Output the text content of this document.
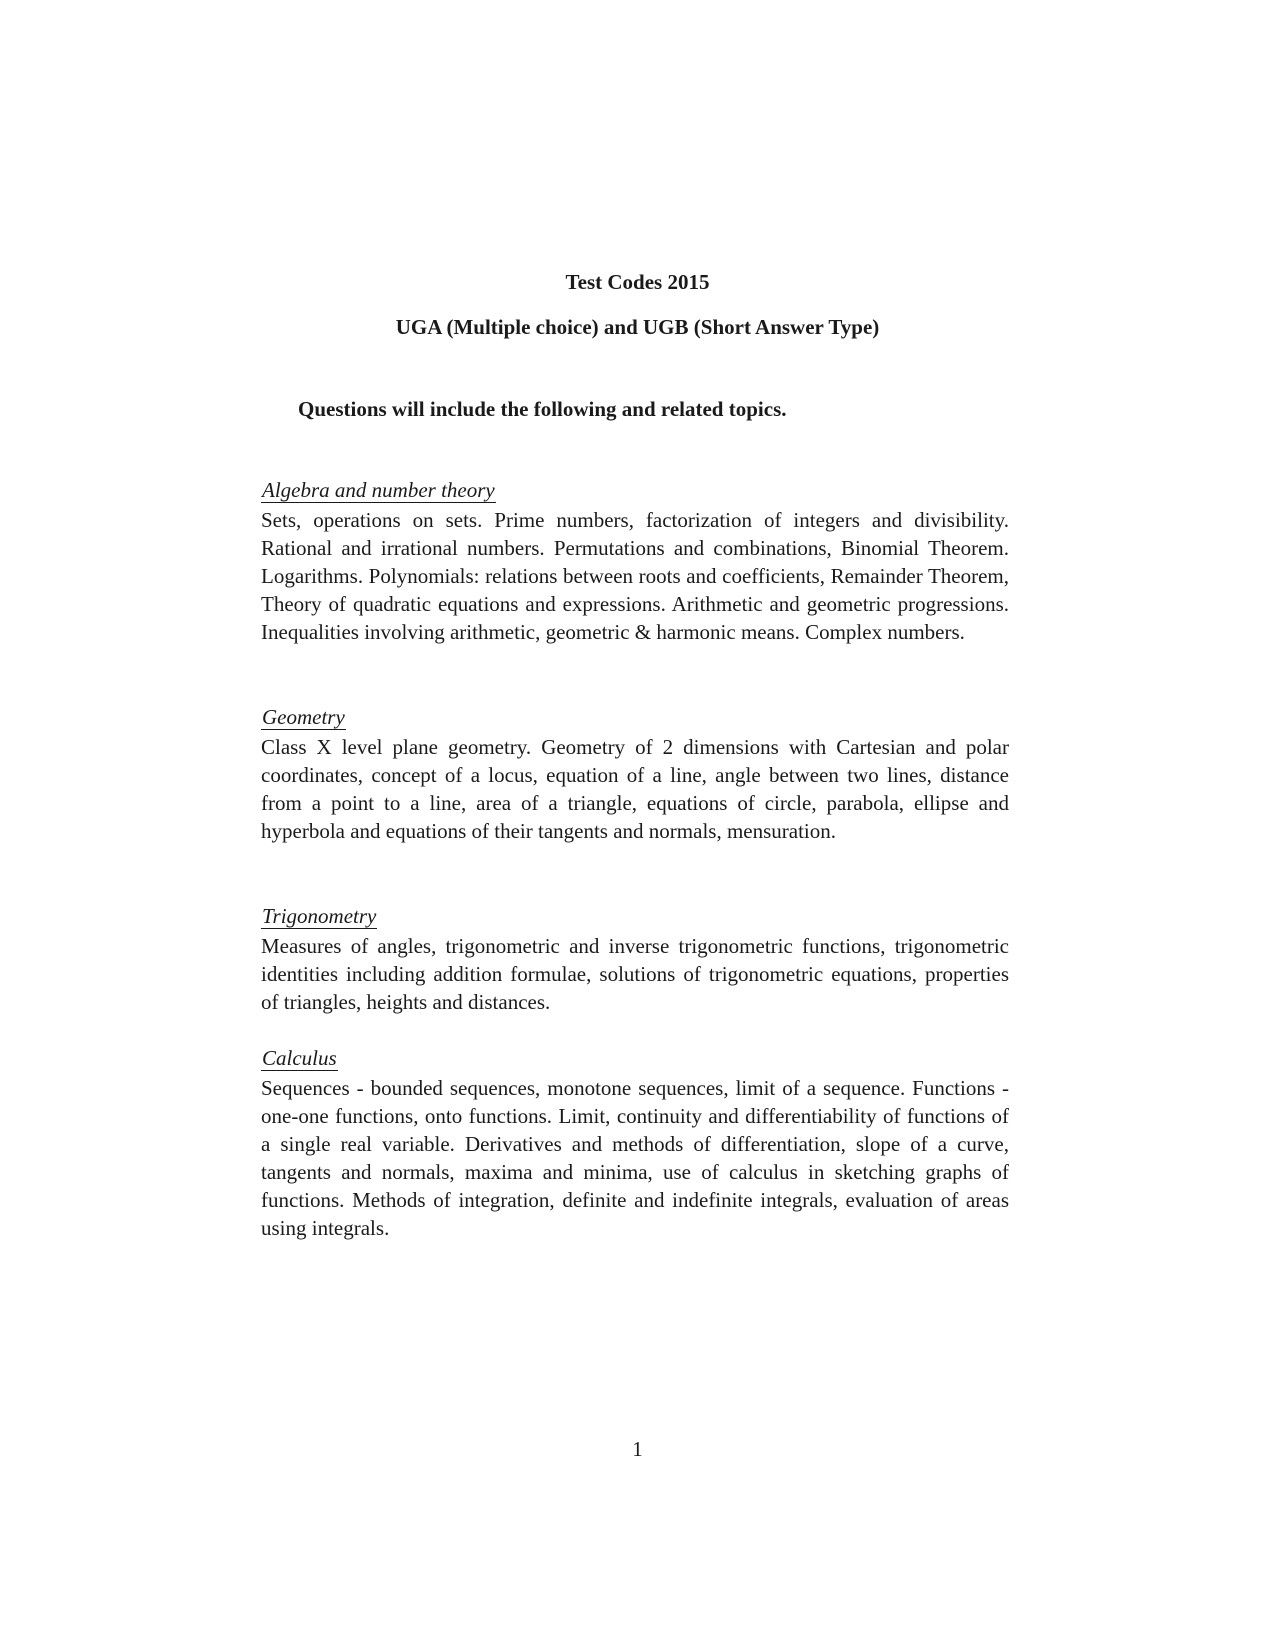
Test Codes 2015
UGA (Multiple choice) and UGB (Short Answer Type)
Questions will include the following and related topics.
Algebra and number theory

Sets, operations on sets. Prime numbers, factorization of integers and divisibility. Rational and irrational numbers. Permutations and combinations, Binomial Theorem. Logarithms. Polynomials: relations between roots and coefficients, Remainder Theorem, Theory of quadratic equations and expressions. Arithmetic and geometric progressions. Inequalities involving arithmetic, geometric & harmonic means. Complex numbers.

Geometry

Class X level plane geometry. Geometry of 2 dimensions with Cartesian and polar coordinates, concept of a locus, equation of a line, angle between two lines, distance from a point to a line, area of a triangle, equations of circle, parabola, ellipse and hyperbola and equations of their tangents and normals, mensuration.

Trigonometry

Measures of angles, trigonometric and inverse trigonometric functions, trigonometric identities including addition formulae, solutions of trigonometric equations, properties of triangles, heights and distances.

Calculus

Sequences - bounded sequences, monotone sequences, limit of a sequence. Functions - one-one functions, onto functions. Limit, continuity and differentiability of functions of a single real variable. Derivatives and methods of differentiation, slope of a curve, tangents and normals, maxima and minima, use of calculus in sketching graphs of functions. Methods of integration, definite and indefinite integrals, evaluation of areas using integrals.

1
